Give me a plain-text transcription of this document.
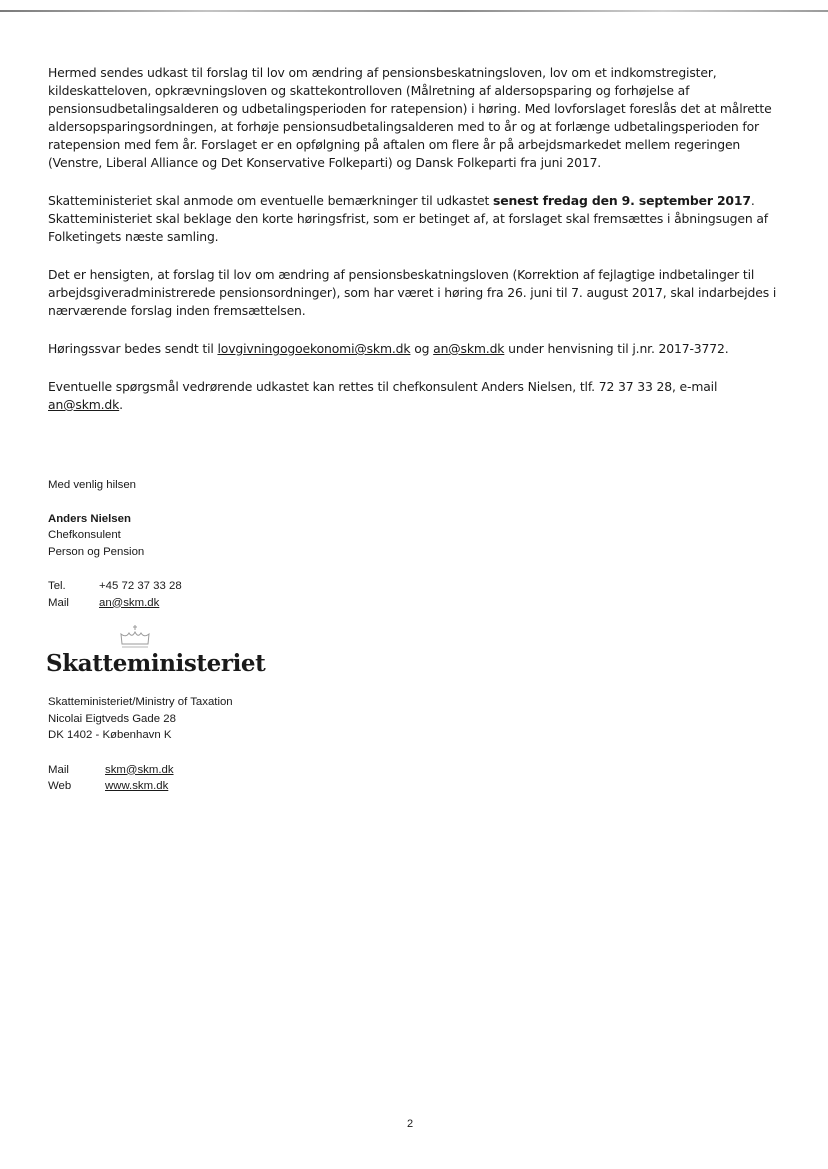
Hermed sendes udkast til forslag til lov om ændring af pensionsbeskatningsloven, lov om et indkomstregister, kildeskatteloven, opkrævningsloven og skattekontrolloven (Målretning af aldersopsparing og forhøjelse af pensionsudbetalingsalderen og udbetalingsperioden for ratepension) i høring. Med lovforslaget foreslås det at målrette aldersopsparingsordningen, at forhøje pensionsudbetalingsalderen med to år og at forlænge udbetalingsperioden for ratepension med fem år. Forslaget er en opfølgning på aftalen om flere år på arbejdsmarkedet mellem regeringen (Venstre, Liberal Alliance og Det Konservative Folkeparti) og Dansk Folkeparti fra juni 2017.

Skatteministeriet skal anmode om eventuelle bemærkninger til udkastet senest fredag den 9. september 2017. Skatteministeriet skal beklage den korte høringsfrist, som er betinget af, at forslaget skal fremsættes i åbningsugen af Folketingets næste samling.

Det er hensigten, at forslag til lov om ændring af pensionsbeskatningsloven (Korrektion af fejlagtige indbetalinger til arbejdsgiveradministrerede pensionsordninger), som har været i høring fra 26. juni til 7. august 2017, skal indarbejdes i nærværende forslag inden fremsættelsen.

Høringssvar bedes sendt til lovgivningogoekonomi@skm.dk og an@skm.dk under henvisning til j.nr. 2017-3772.

Eventuelle spørgsmål vedrørende udkastet kan rettes til chefkonsulent Anders Nielsen, tlf. 72 37 33 28, e-mail an@skm.dk.

Med venlig hilsen
Anders Nielsen
Chefkonsulent
Person og Pension
Tel.	+45 72 37 33 28
Mail	an@skm.dk
Skatteministeriet
Skatteministeriet/Ministry of Taxation
Nicolai Eigtveds Gade 28
DK 1402 - København K
Mail	skm@skm.dk
Web	www.skm.dk
2
